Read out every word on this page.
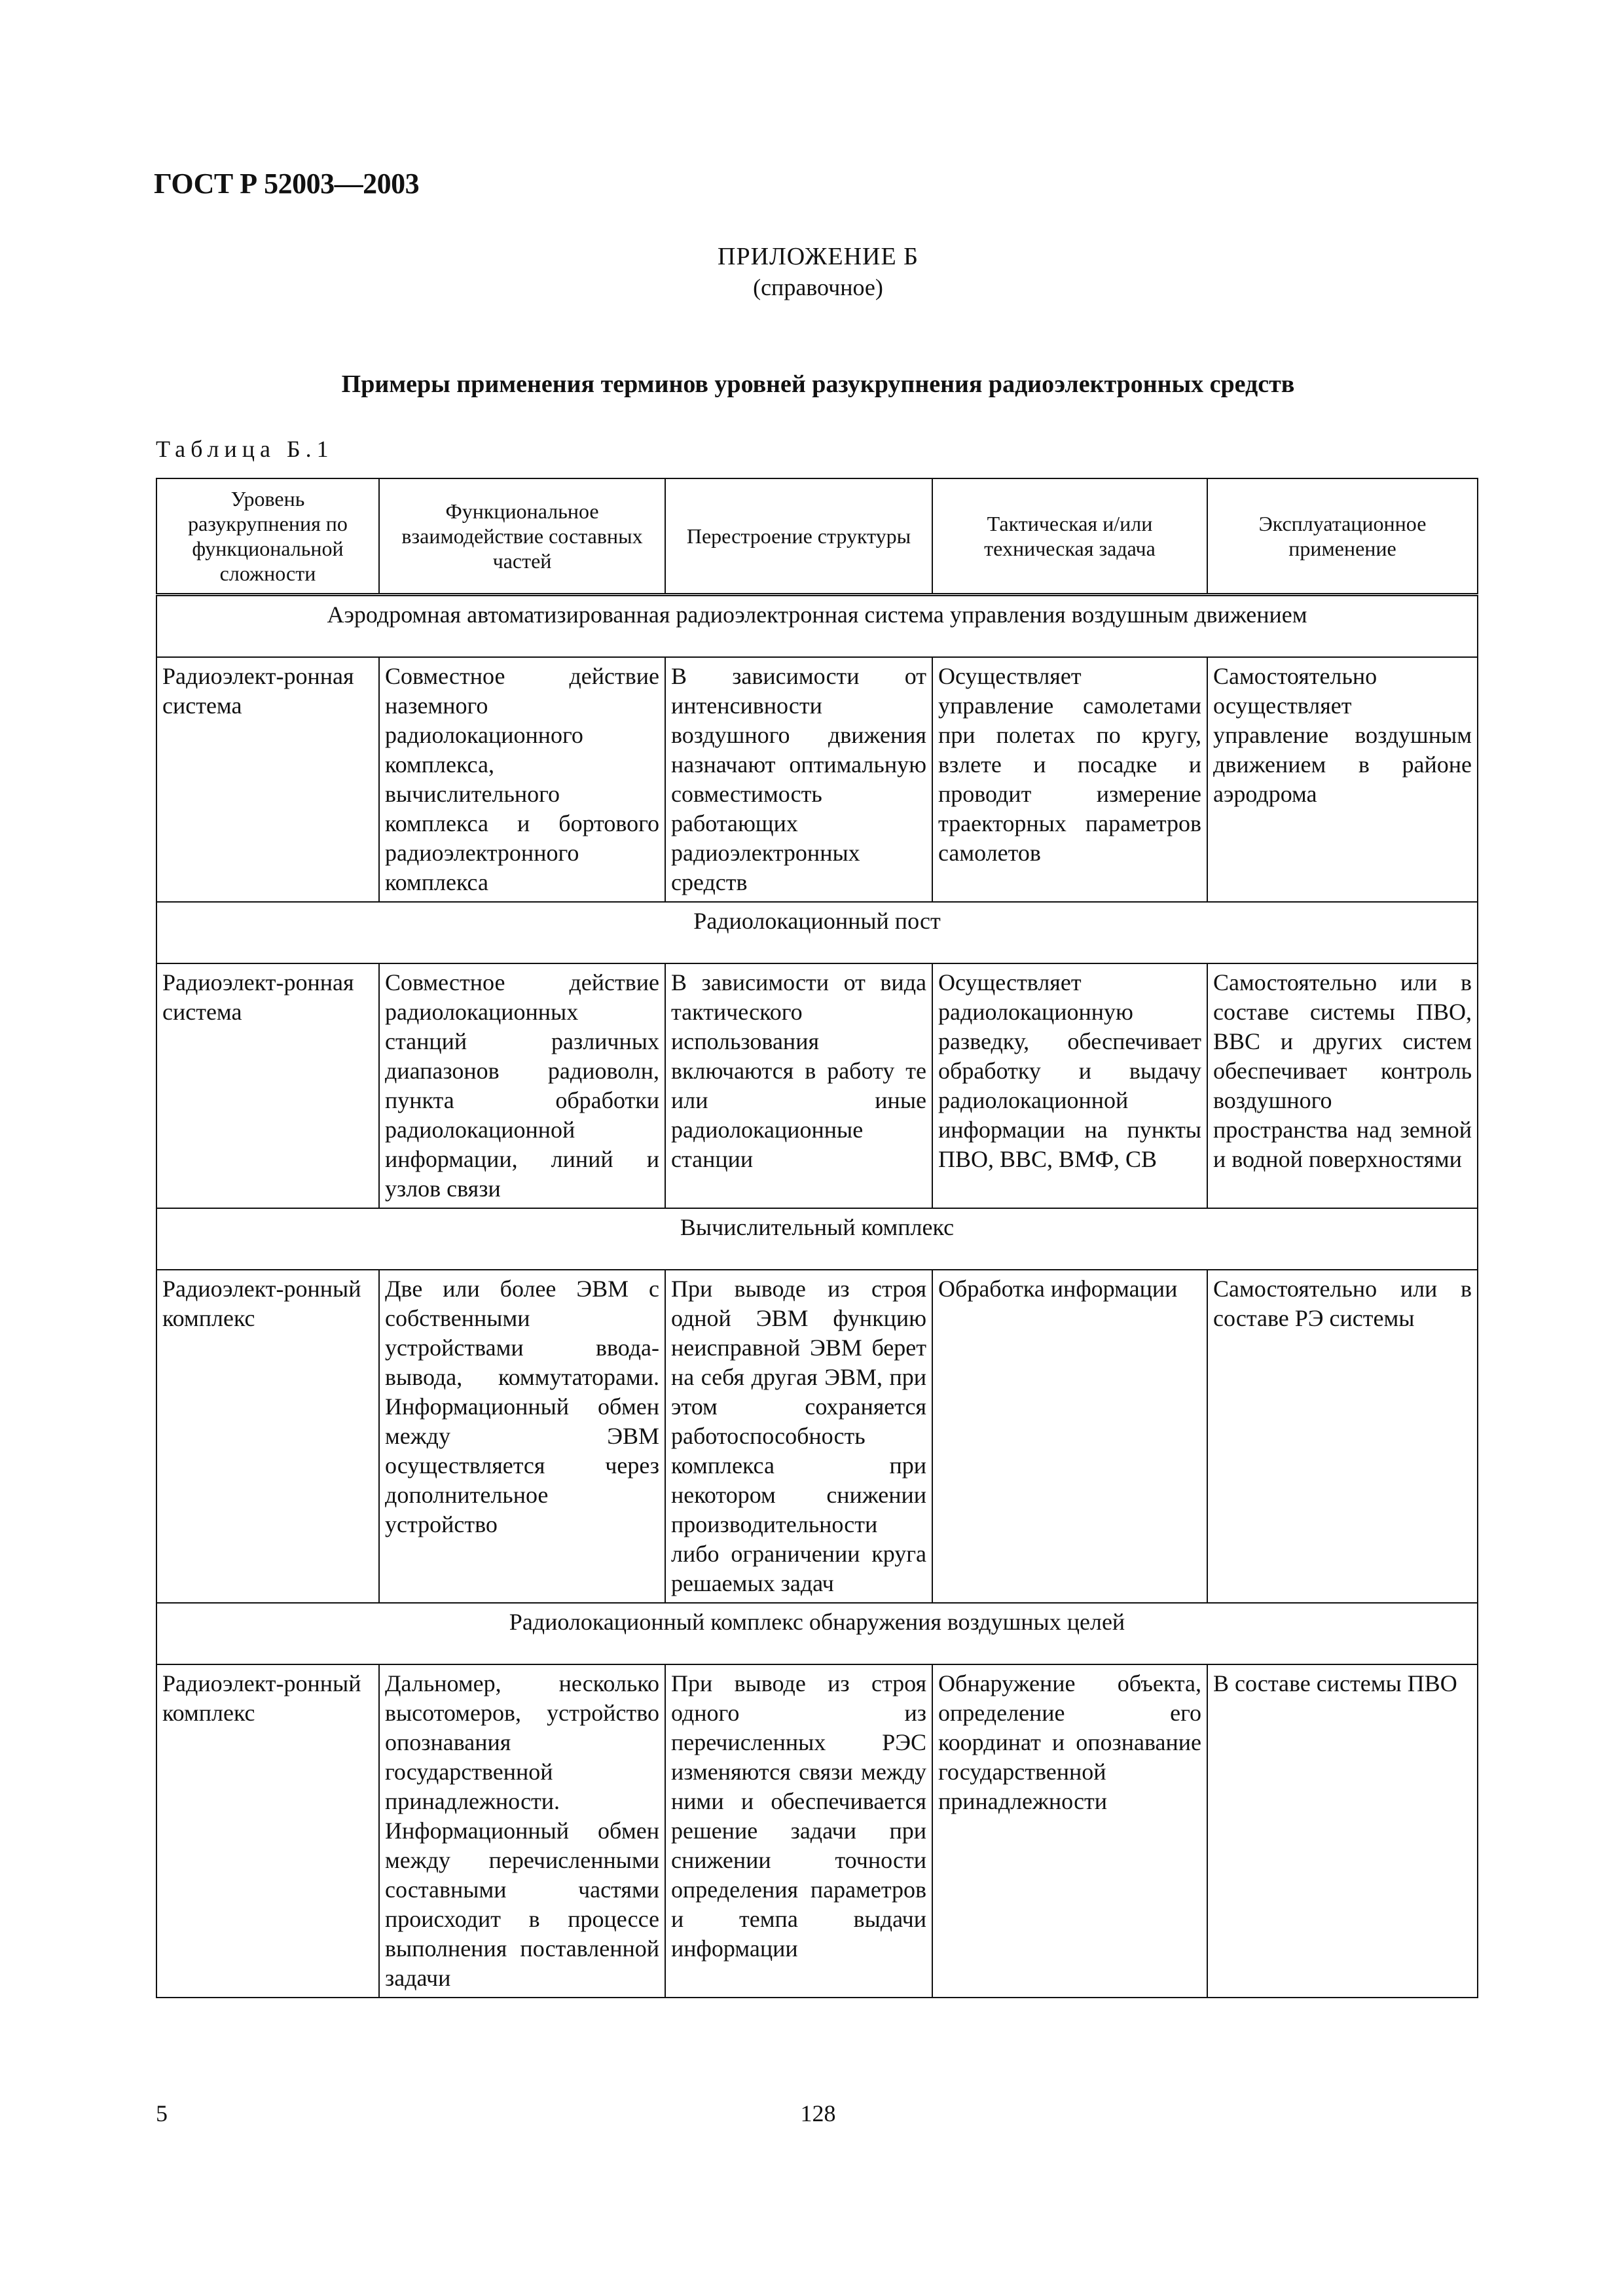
ГОСТ Р 52003—2003
ПРИЛОЖЕНИЕ Б
(справочное)
Примеры применения терминов уровней разукрупнения радиоэлектронных средств
Таблица Б.1
Уровень разукрупнения по функциональной сложности	Функциональное взаимодействие составных частей	Перестроение структуры	Тактическая и/или техническая задача	Эксплуатационное применение
Аэродромная автоматизированная радиоэлектронная система управления воздушным движением				
Радиоэлект-ронная система	Совместное действие наземного радиолокационного комплекса, вычислительного комплекса и бортового радиоэлектронного комплекса	В зависимости от интенсивности воздушного движения назначают оптимальную совместимость работающих радиоэлектронных средств	Осуществляет управление самолетами при полетах по кругу, взлете и посадке и проводит измерение траекторных параметров самолетов	Самостоятельно осуществляет управление воздушным движением в районе аэродрома
Радиолокационный пост				
Радиоэлект-ронная система	Совместное действие радиолокационных станций различных диапазонов радиоволн, пункта обработки радиолокационной информации, линий и узлов связи	В зависимости от вида тактического использования включаются в работу те или иные радиолокационные станции	Осуществляет радиолокационную разведку, обеспечивает обработку и выдачу радиолокационной информации на пункты ПВО, ВВС, ВМФ, СВ	Самостоятельно или в составе системы ПВО, ВВС и других систем обеспечивает контроль воздушного пространства над земной и водной поверхностями
Вычислительный комплекс				
Радиоэлект-ронный комплекс	Две или более ЭВМ с собственными устройствами ввода-вывода, коммутаторами. Информационный обмен между ЭВМ осуществляется через дополнительное устройство	При выводе из строя одной ЭВМ функцию неисправной ЭВМ берет на себя другая ЭВМ, при этом сохраняется работоспособность комплекса при некотором снижении производительности либо ограничении круга решаемых задач	Обработка информации	Самостоятельно или в составе РЭ системы
Радиолокационный комплекс обнаружения воздушных целей				
Радиоэлект-ронный комплекс	Дальномер, несколько высотомеров, устройство опознавания государственной принадлежности. Информационный обмен между перечисленными составными частями происходит в процессе выполнения поставленной задачи	При выводе из строя одного из перечисленных РЭС изменяются связи между ними и обеспечивается решение задачи при снижении точности определения параметров и темпа выдачи информации	Обнаружение объекта, определение его координат и опознавание государственной принадлежности	В составе системы ПВО
5	128
